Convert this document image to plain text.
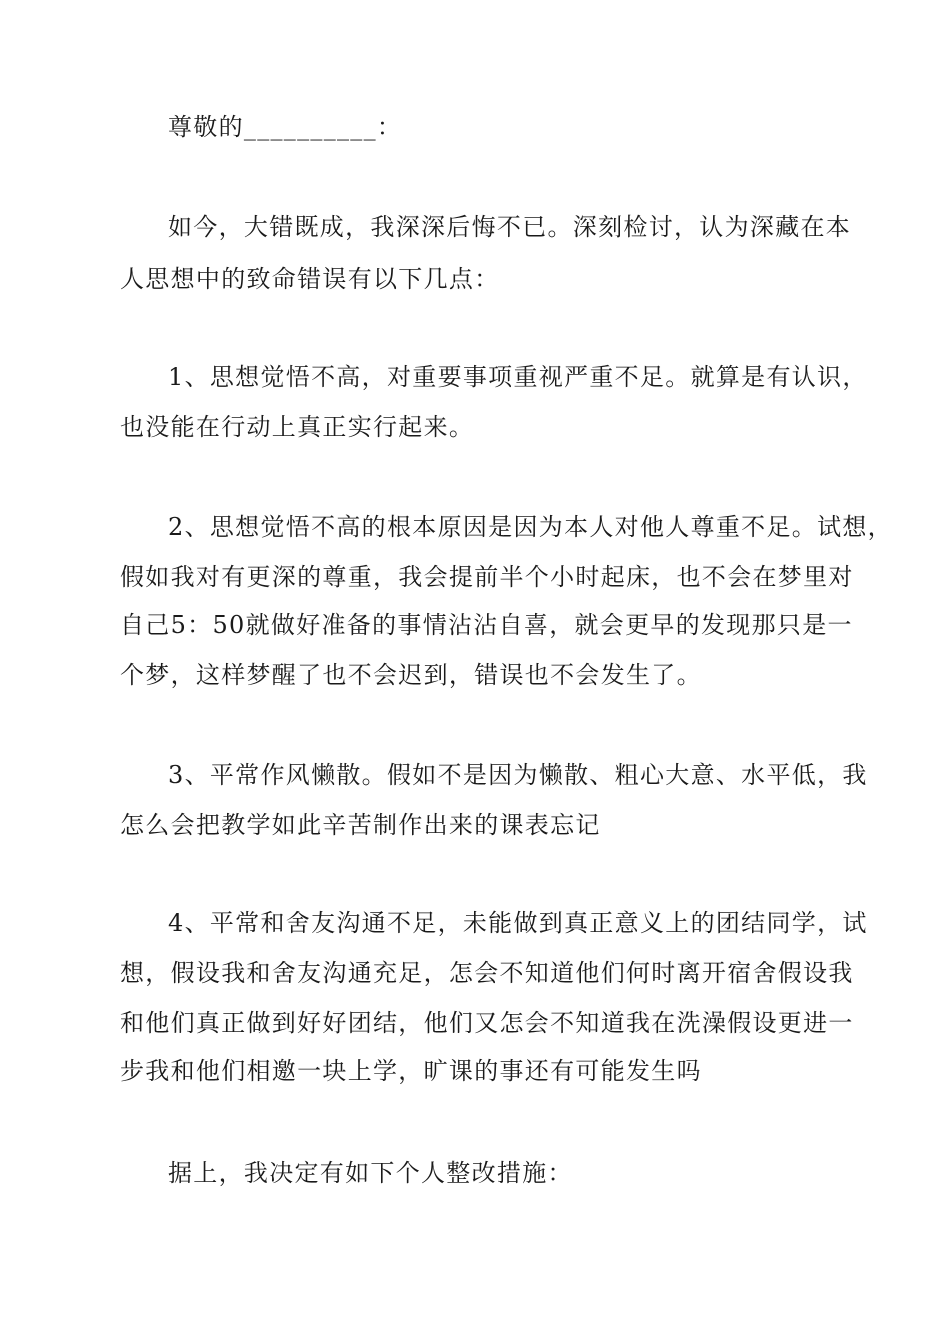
尊敬的__________：
如今，大错既成，我深深后悔不已。深刻检讨，认为深藏在本
人思想中的致命错误有以下几点：
1、思想觉悟不高，对重要事项重视严重不足。就算是有认识，
也没能在行动上真正实行起来。
2、思想觉悟不高的根本原因是因为本人对他人尊重不足。试想，
假如我对有更深的尊重，我会提前半个小时起床，也不会在梦里对
自己5：50就做好准备的事情沾沾自喜，就会更早的发现那只是一
个梦，这样梦醒了也不会迟到，错误也不会发生了。
3、平常作风懒散。假如不是因为懒散、粗心大意、水平低，我
怎么会把教学如此辛苦制作出来的课表忘记
4、平常和舍友沟通不足，未能做到真正意义上的团结同学，试
想，假设我和舍友沟通充足，怎会不知道他们何时离开宿舍假设我
和他们真正做到好好团结，他们又怎会不知道我在洗澡假设更进一
步我和他们相邀一块上学，旷课的事还有可能发生吗
据上，我决定有如下个人整改措施：
